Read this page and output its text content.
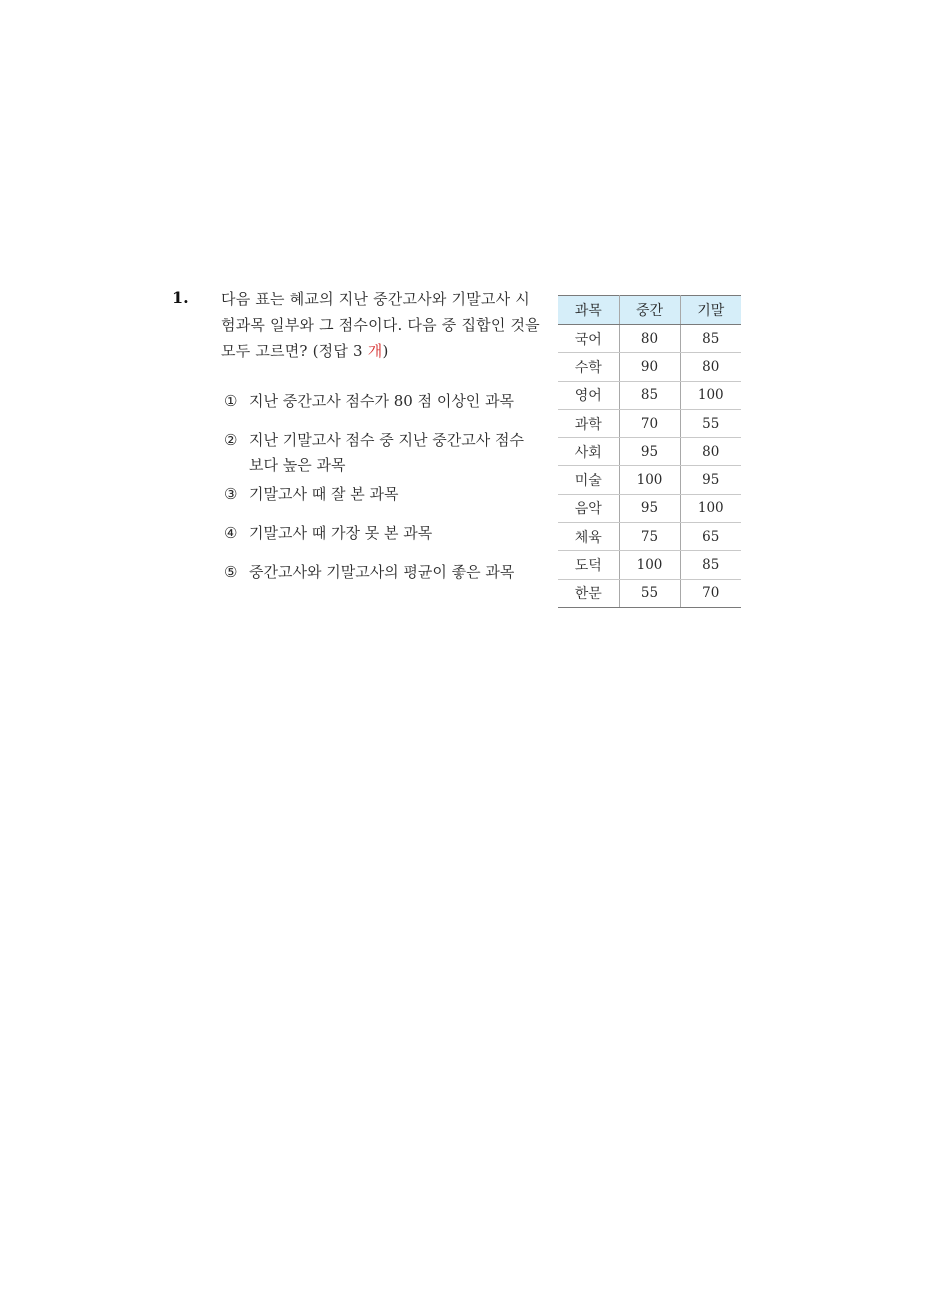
1. 다음 표는 혜교의 지난 중간고사와 기말고사 시험과목 일부와 그 점수이다. 다음 중 집합인 것을 모두 고르면? (정답 3 개)
① 지난 중간고사 점수가 80 점 이상인 과목
② 지난 기말고사 점수 중 지난 중간고사 점수보다 높은 과목
③ 기말고사 때 잘 본 과목
④ 기말고사 때 가장 못 본 과목
⑤ 중간고사와 기말고사의 평균이 좋은 과목
과목	중간	기말
국어	80	85
수학	90	80
영어	85	100
과학	70	55
사회	95	80
미술	100	95
음악	95	100
체육	75	65
도덕	100	85
한문	55	70
